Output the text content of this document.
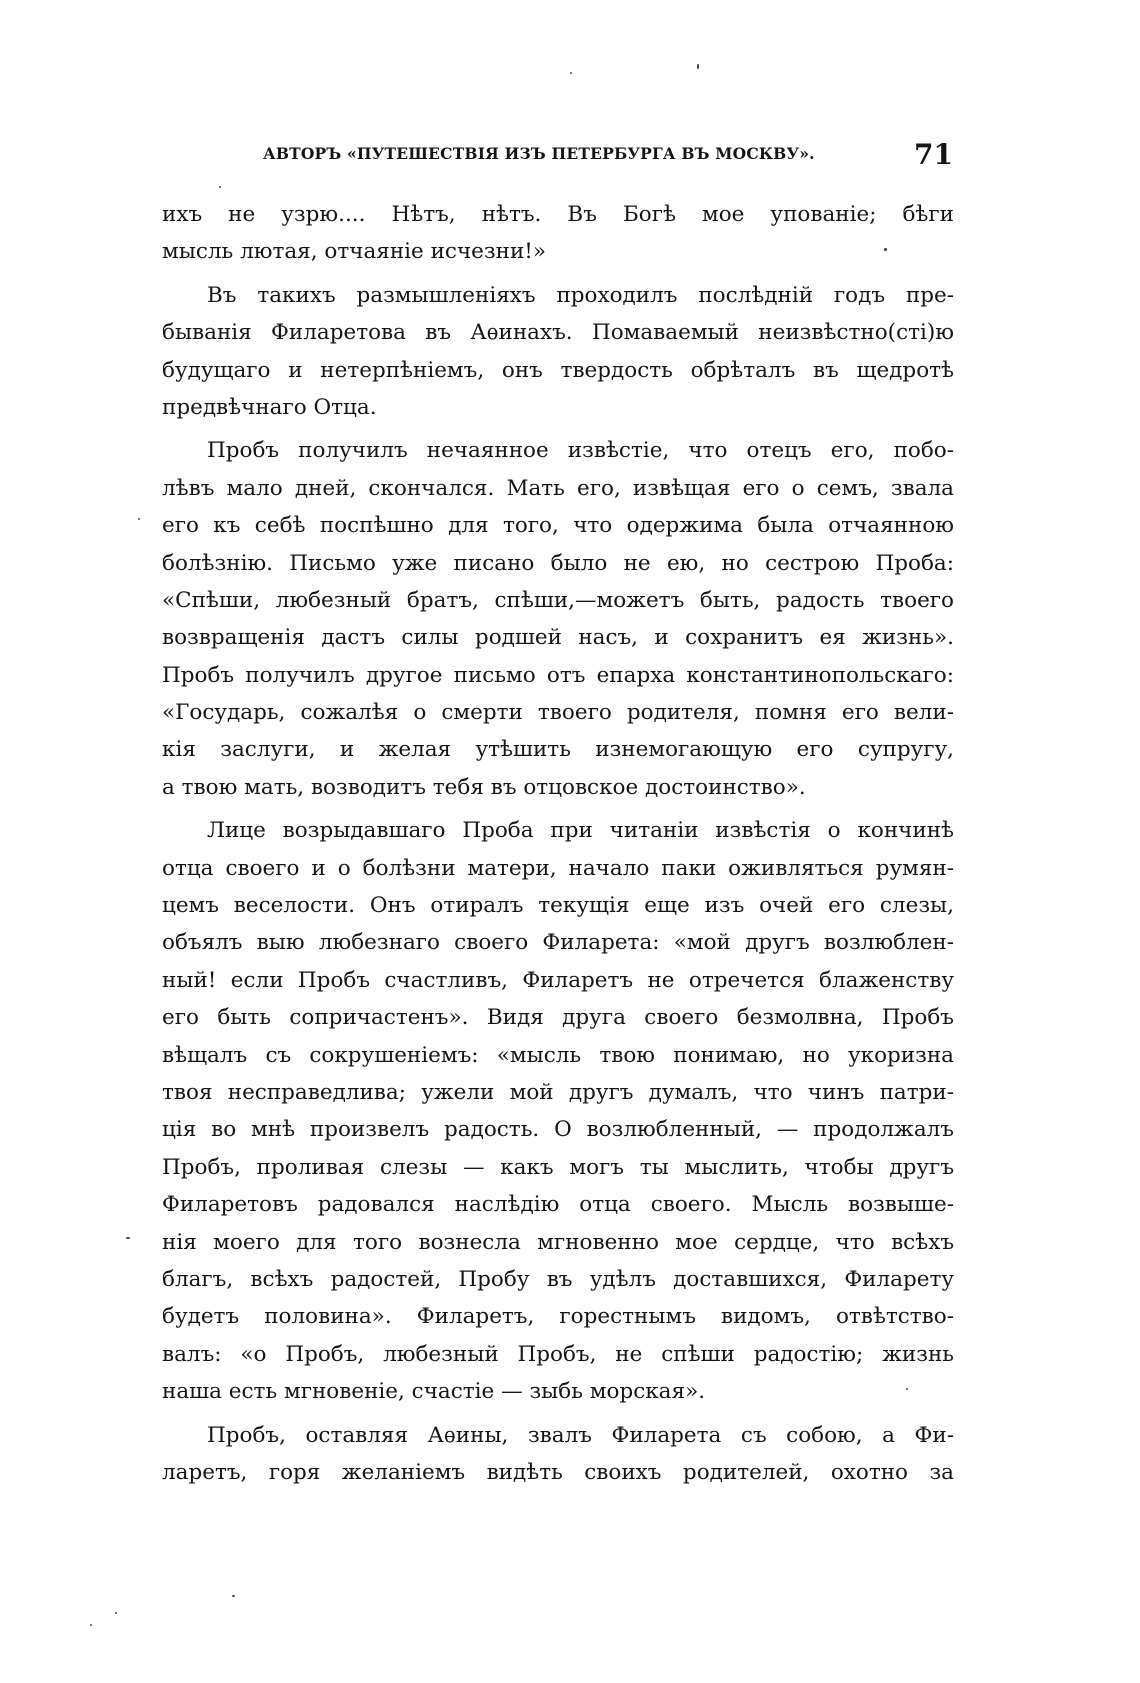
АВТОРЪ «ПУТЕШЕСТВІЯ ИЗЪ ПЕТЕРБУРГА ВЪ МОСКВУ».	71
ихъ не узрю.... Нѣтъ, нѣтъ. Въ Богѣ мое упованіе; бѣги
мысль лютая, отчаяніе исчезни!»
Въ такихъ размышленіяхъ проходилъ послѣдній годъ пре-
быванія Филаретова въ Аѳинахъ. Помаваемый неизвѣстно(сті)ю
будущаго и нетерпѣніемъ, онъ твердость обрѣталъ въ щедротѣ
предвѣчнаго Отца.
Пробъ получилъ нечаянное извѣстіе, что отецъ его, побо-
лѣвъ мало дней, скончался. Мать его, извѣщая его о семъ, звала
его къ себѣ поспѣшно для того, что одержима была отчаянною
болѣзнію. Письмо уже писано было не ею, но сестрою Проба:
«Спѣши, любезный братъ, спѣши,—можетъ быть, радость твоего
возвращенія дастъ силы родшей насъ, и сохранитъ ея жизнь».
Пробъ получилъ другое письмо отъ епарха константинопольскаго:
«Государь, сожалѣя о смерти твоего родителя, помня его вели-
кія заслуги, и желая утѣшить изнемогающую его супругу,
а твою мать, возводитъ тебя въ отцовское достоинство».
Лице возрыдавшаго Проба при читаніи извѣстія о кончинѣ
отца своего и о болѣзни матери, начало паки оживляться румян-
цемъ веселости. Онъ отиралъ текущія еще изъ очей его слезы,
объялъ выю любезнаго своего Филарета: «мой другъ возлюблен-
ный! если Пробъ счастливъ, Филаретъ не отречется блаженству
его быть сопричастенъ». Видя друга своего безмолвна, Пробъ
вѣщалъ съ сокрушеніемъ: «мысль твою понимаю, но укоризна
твоя несправедлива; ужели мой другъ думалъ, что чинъ патри-
ція во мнѣ произвелъ радость. О возлюбленный, — продолжалъ
Пробъ, проливая слезы — какъ могъ ты мыслить, чтобы другъ
Филаретовъ радовался наслѣдію отца своего. Мысль возвыше-
нія моего для того вознесла мгновенно мое сердце, что всѣхъ
благъ, всѣхъ радостей, Пробу въ удѣлъ доставшихся, Филарету
будетъ половина». Филаретъ, горестнымъ видомъ, отвѣтство-
валъ: «о Пробъ, любезный Пробъ, не спѣши радостію; жизнь
наша есть мгновеніе, счастіе — зыбь морская».
Пробъ, оставляя Аѳины, звалъ Филарета съ собою, а Фи-
ларетъ, горя желаніемъ видѣть своихъ родителей, охотно за
